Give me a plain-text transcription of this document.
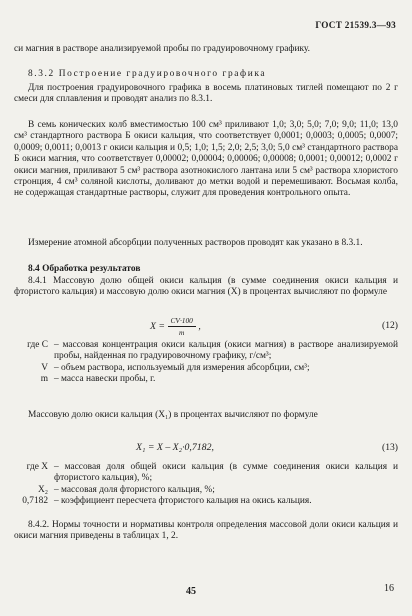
ГОСТ 21539.3—93
си магния в растворе анализируемой пробы по градуировочному графику.
8.3.2 Построение градуировочного графика
Для построения градуировочного графика в восемь платиновых тиглей помещают по 2 г смеси для сплавления и проводят анализ по 8.3.1.
В семь конических колб вместимостью 100 см³ приливают 1,0; 3,0; 5,0; 7,0; 9,0; 11,0; 13,0 см³ стандартного раствора Б окиси кальция, что соответствует 0,0001; 0,0003; 0,0005; 0,0007; 0,0009; 0,0011; 0,0013 г окиси кальция и 0,5; 1,0; 1,5; 2,0; 2,5; 3,0; 5,0 см³ стандартного раствора Б окиси магния, что соответствует 0,00002; 0,00004; 0,00006; 0,00008; 0,0001; 0,00012; 0,0002 г окиси магния, приливают 5 см³ раствора азотнокислого лантана или 5 см³ раствора хлористого стронция, 4 см³ соляной кислоты, доливают до метки водой и перемешивают. Восьмая колба, не содержащая стандартные растворы, служит для проведения контрольного опыта.
Измерение атомной абсорбции полученных растворов проводят как указано в 8.3.1.
8.4 Обработка результатов
8.4.1 Массовую долю общей окиси кальция (в сумме соединения окиси кальция и фтористого кальция) и массовую долю окиси магния (X) в процентах вычисляют по формуле
$X = \frac{CV\cdot 100}{m}$ ,	(12)
где C – массовая концентрация окиси кальция (окиси магния) в растворе анализируемой пробы, найденная по градуировочному графику, г/см³;
V – объем раствора, используемый для измерения абсорбции, см³;
m – масса навески пробы, г.
Массовую долю окиси кальция (X₁) в процентах вычисляют по формуле
X₁ = X – X₂·0,7182,	(13)
где X – массовая доля общей окиси кальция (в сумме соединения окиси кальция и фтористого кальция), %;
X₂ – массовая доля фтористого кальция, %;
0,7182 – коэффициент пересчета фтористого кальция на окись кальция.
8.4.2. Нормы точности и нормативы контроля определения массовой доли окиси кальция и окиси магния приведены в таблицах 1, 2.
45	16
